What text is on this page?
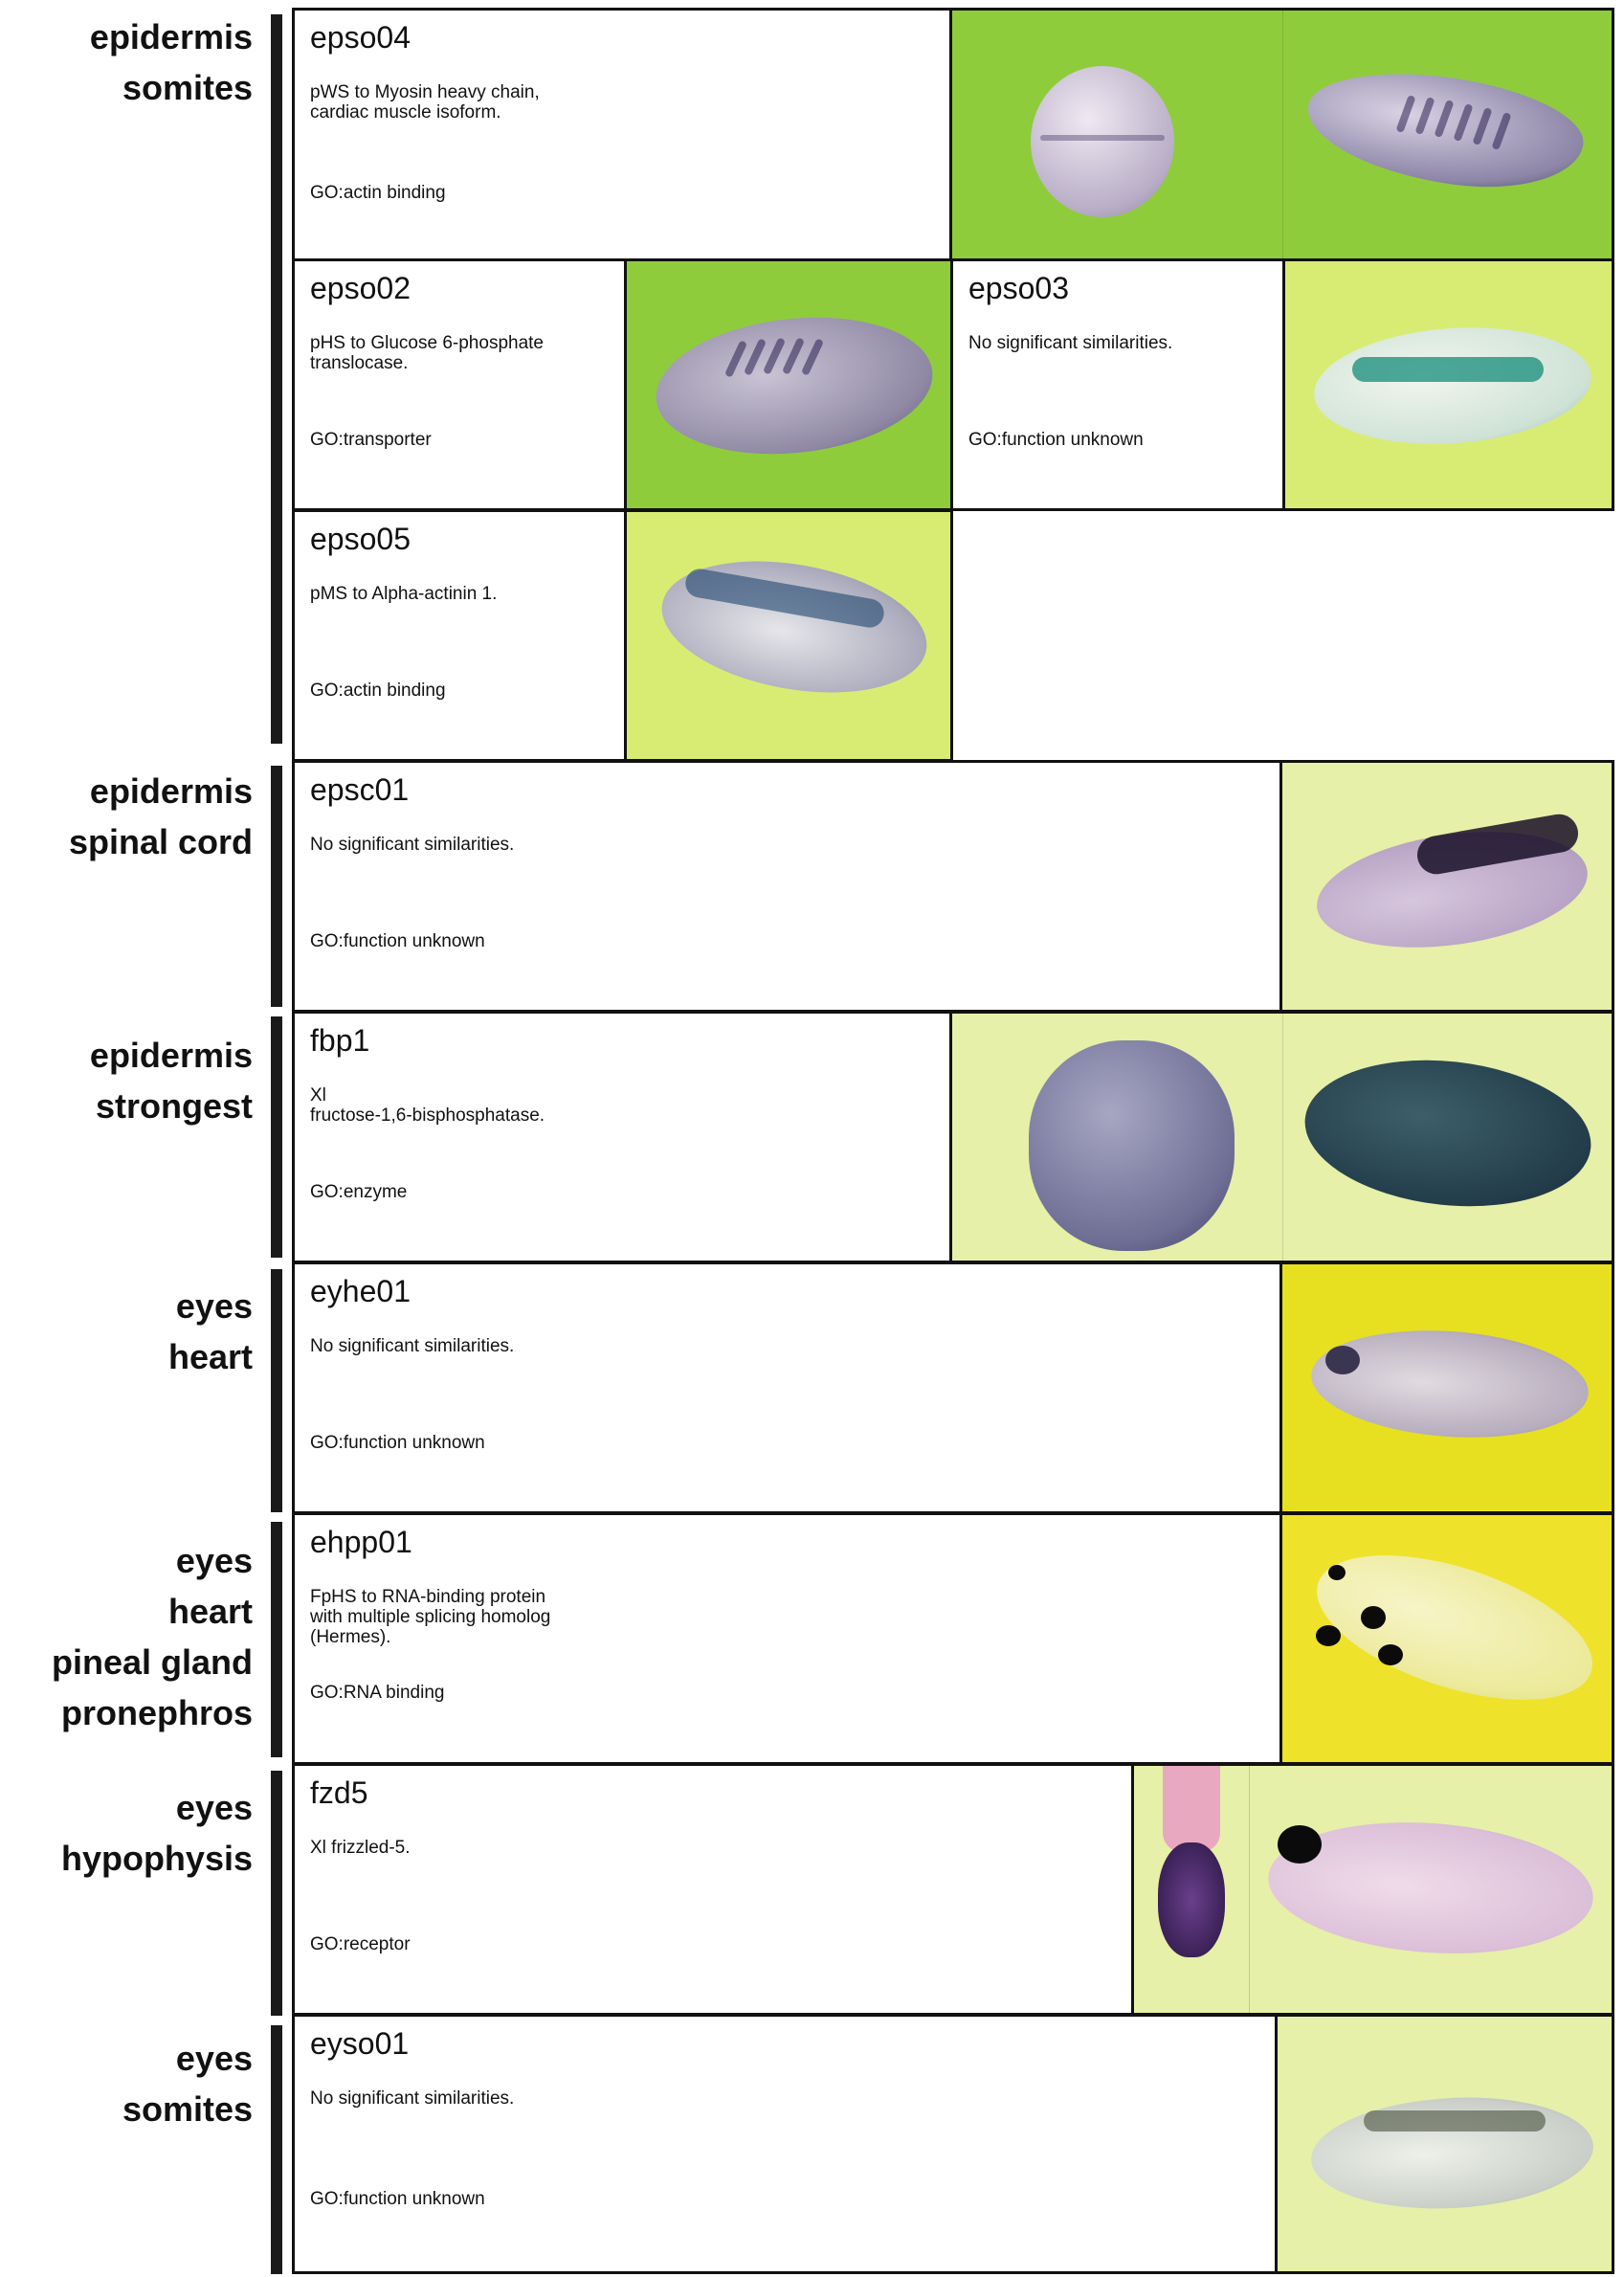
epidermis
somites
epidermis
spinal cord
epidermis
strongest
eyes
heart
eyes
heart
pineal gland
pronephros
eyes
hypophysis
eyes
somites
epso04
pWS to Myosin heavy chain,
cardiac muscle isoform.
GO:actin binding
epso02
pHS to Glucose 6-phosphate
translocase.
GO:transporter
epso03
No significant similarities.
GO:function unknown
epso05
pMS to Alpha-actinin 1.
GO:actin binding
epsc01
No significant similarities.
GO:function unknown
fbp1
Xl
fructose-1,6-bisphosphatase.
GO:enzyme
eyhe01
No significant similarities.
GO:function unknown
ehpp01
FpHS to RNA-binding protein
with multiple splicing homolog
(Hermes).
GO:RNA binding
fzd5
Xl frizzled-5.
GO:receptor
eyso01
No significant similarities.
GO:function unknown
